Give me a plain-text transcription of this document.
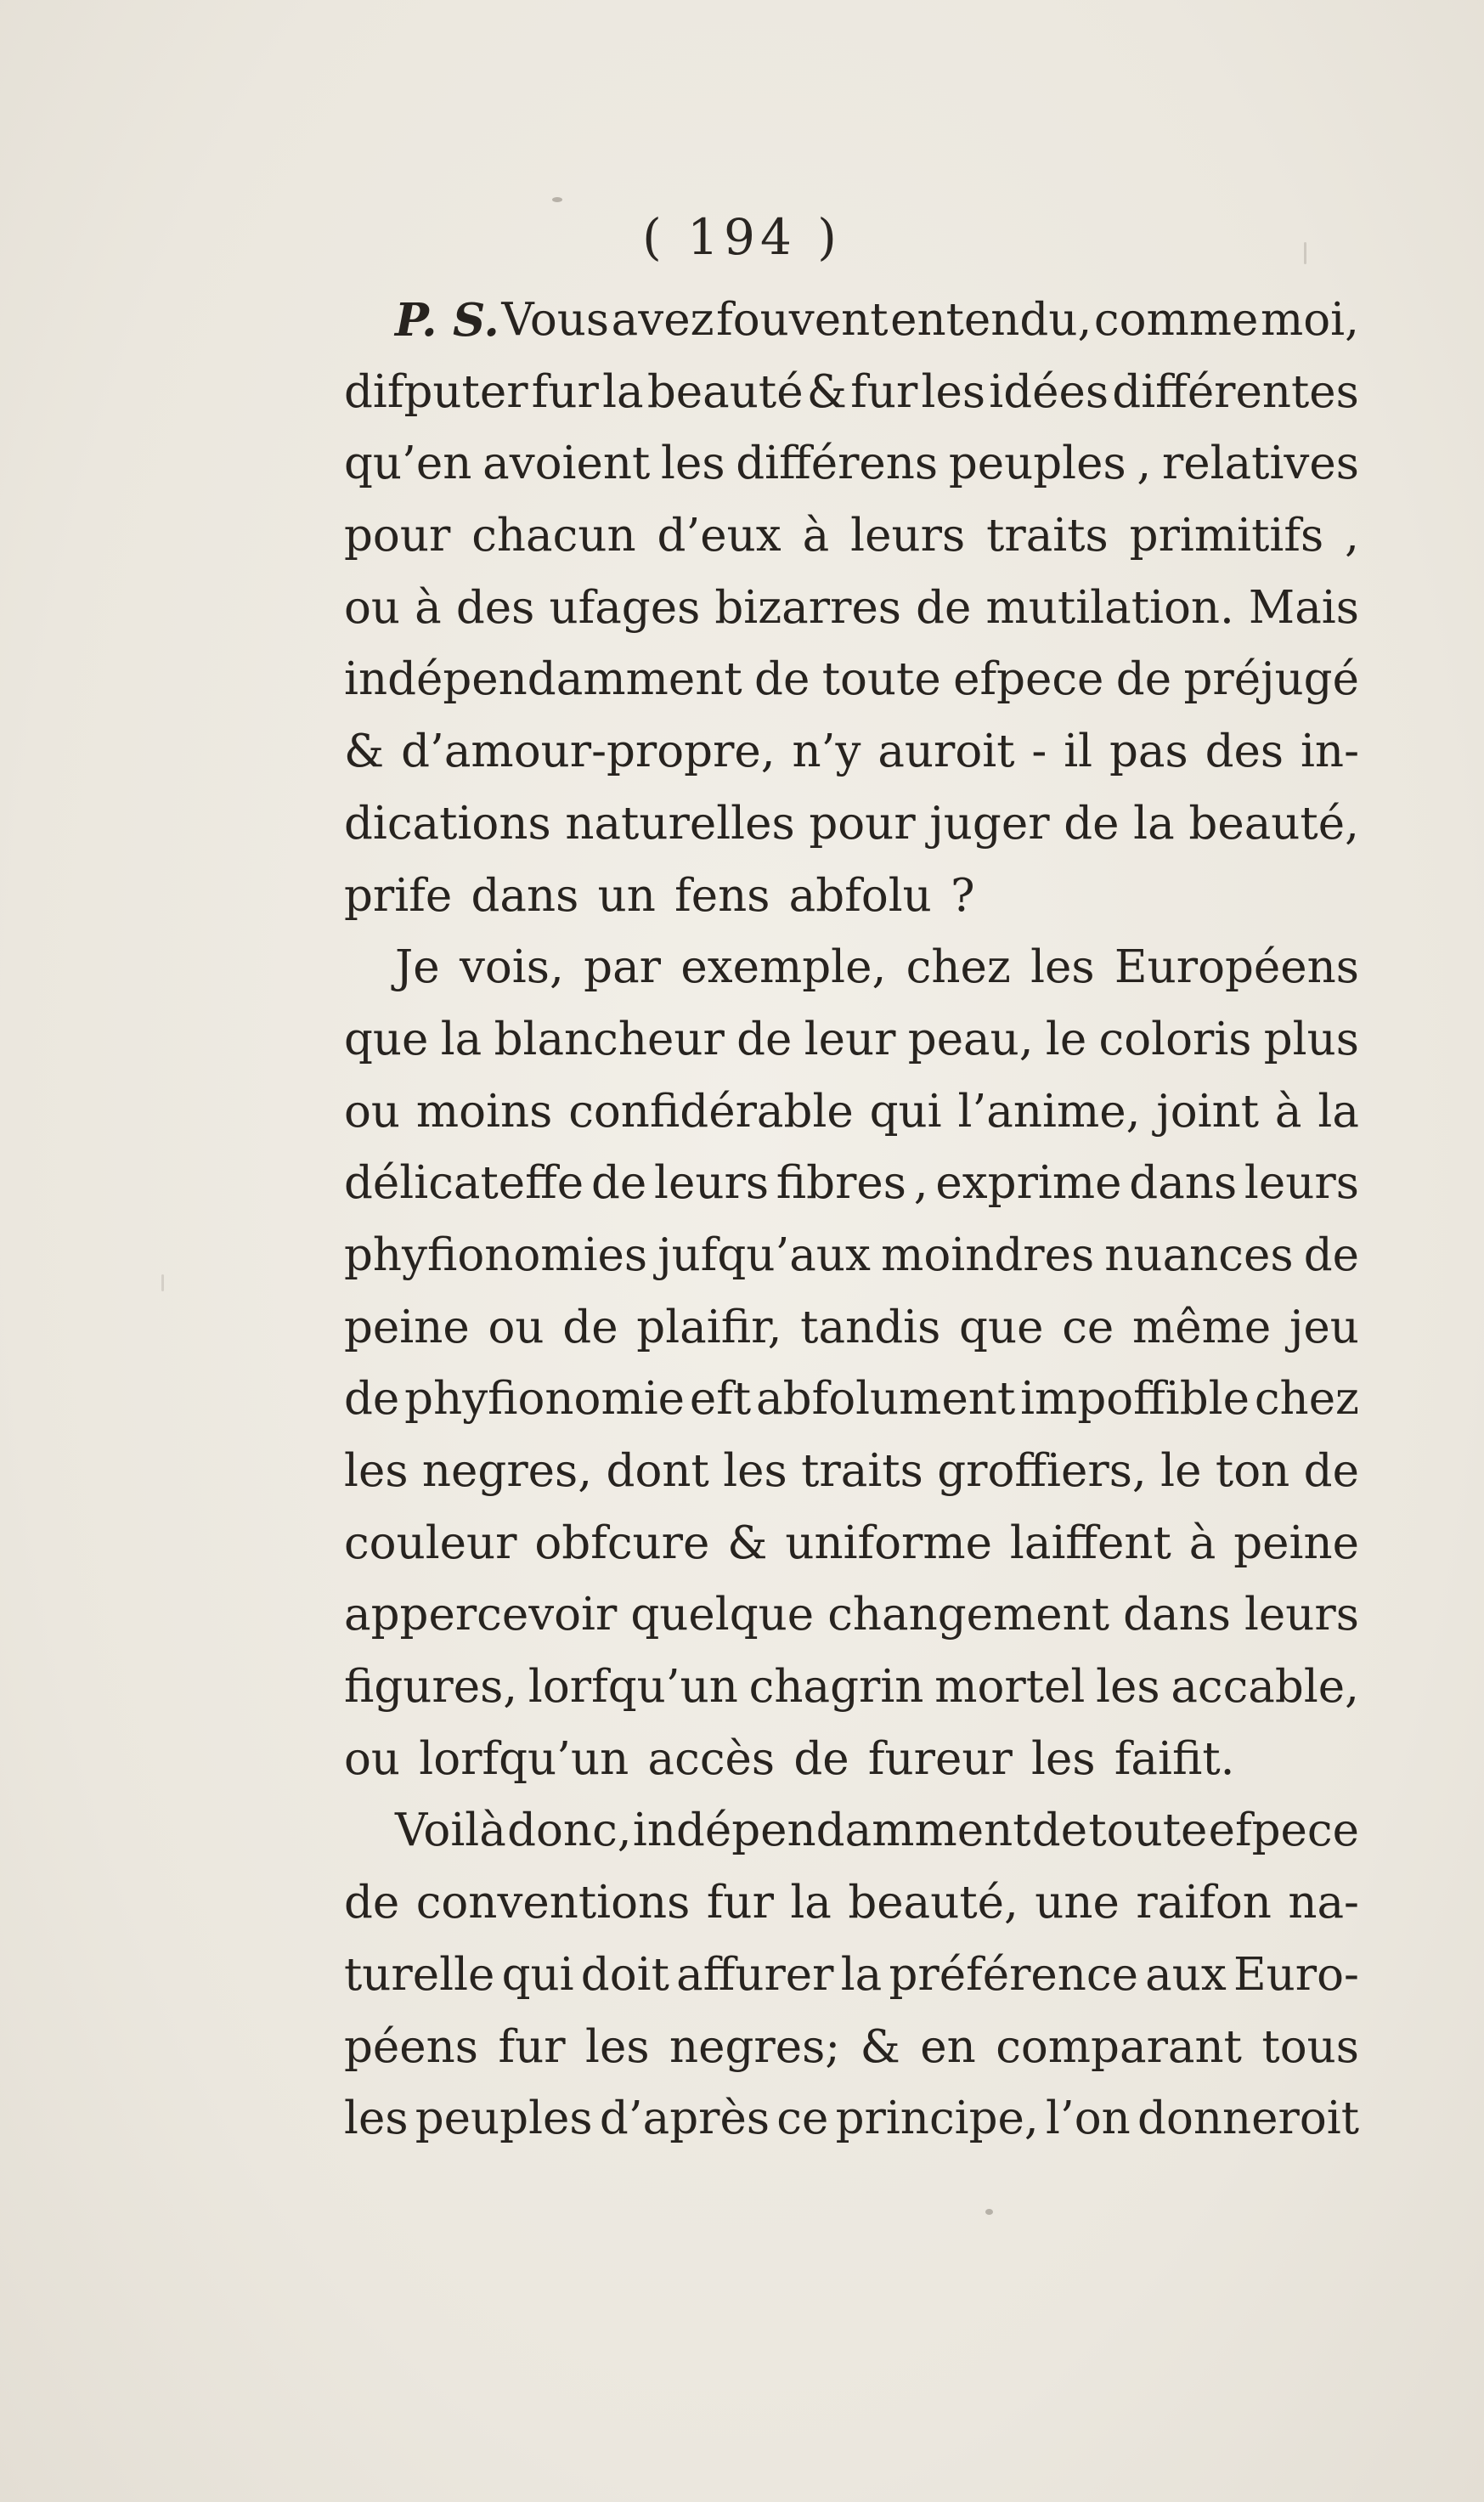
( 194 )
P. S. Vous avez fouvent entendu, comme moi,
difputer fur la beauté & fur les idées différentes
qu’en avoient les différens peuples , relatives
pour chacun d’eux à leurs traits primitifs ,
ou à des ufages bizarres de mutilation. Mais
indépendamment de toute efpece de préjugé
& d’amour-propre, n’y auroit - il pas des in-
dications naturelles pour juger de la beauté,
prife dans un fens abfolu ?
Je vois, par exemple, chez les Européens
que la blancheur de leur peau, le coloris plus
ou moins confidérable qui l’anime, joint à la
délicateffe de leurs fibres , exprime dans leurs
phyfionomies jufqu’aux moindres nuances de
peine ou de plaifir, tandis que ce même jeu
de phyfionomie eft abfolument impoffible chez
les negres, dont les traits groffiers, le ton de
couleur obfcure & uniforme laiffent à peine
appercevoir quelque changement dans leurs
figures, lorfqu’un chagrin mortel les accable,
ou lorfqu’un accès de fureur les faifit.
Voilà donc, indépendamment de toute efpece
de conventions fur la beauté, une raifon na-
turelle qui doit affurer la préférence aux Euro-
péens fur les negres; & en comparant tous
les peuples d’après ce principe, l’on donneroit
